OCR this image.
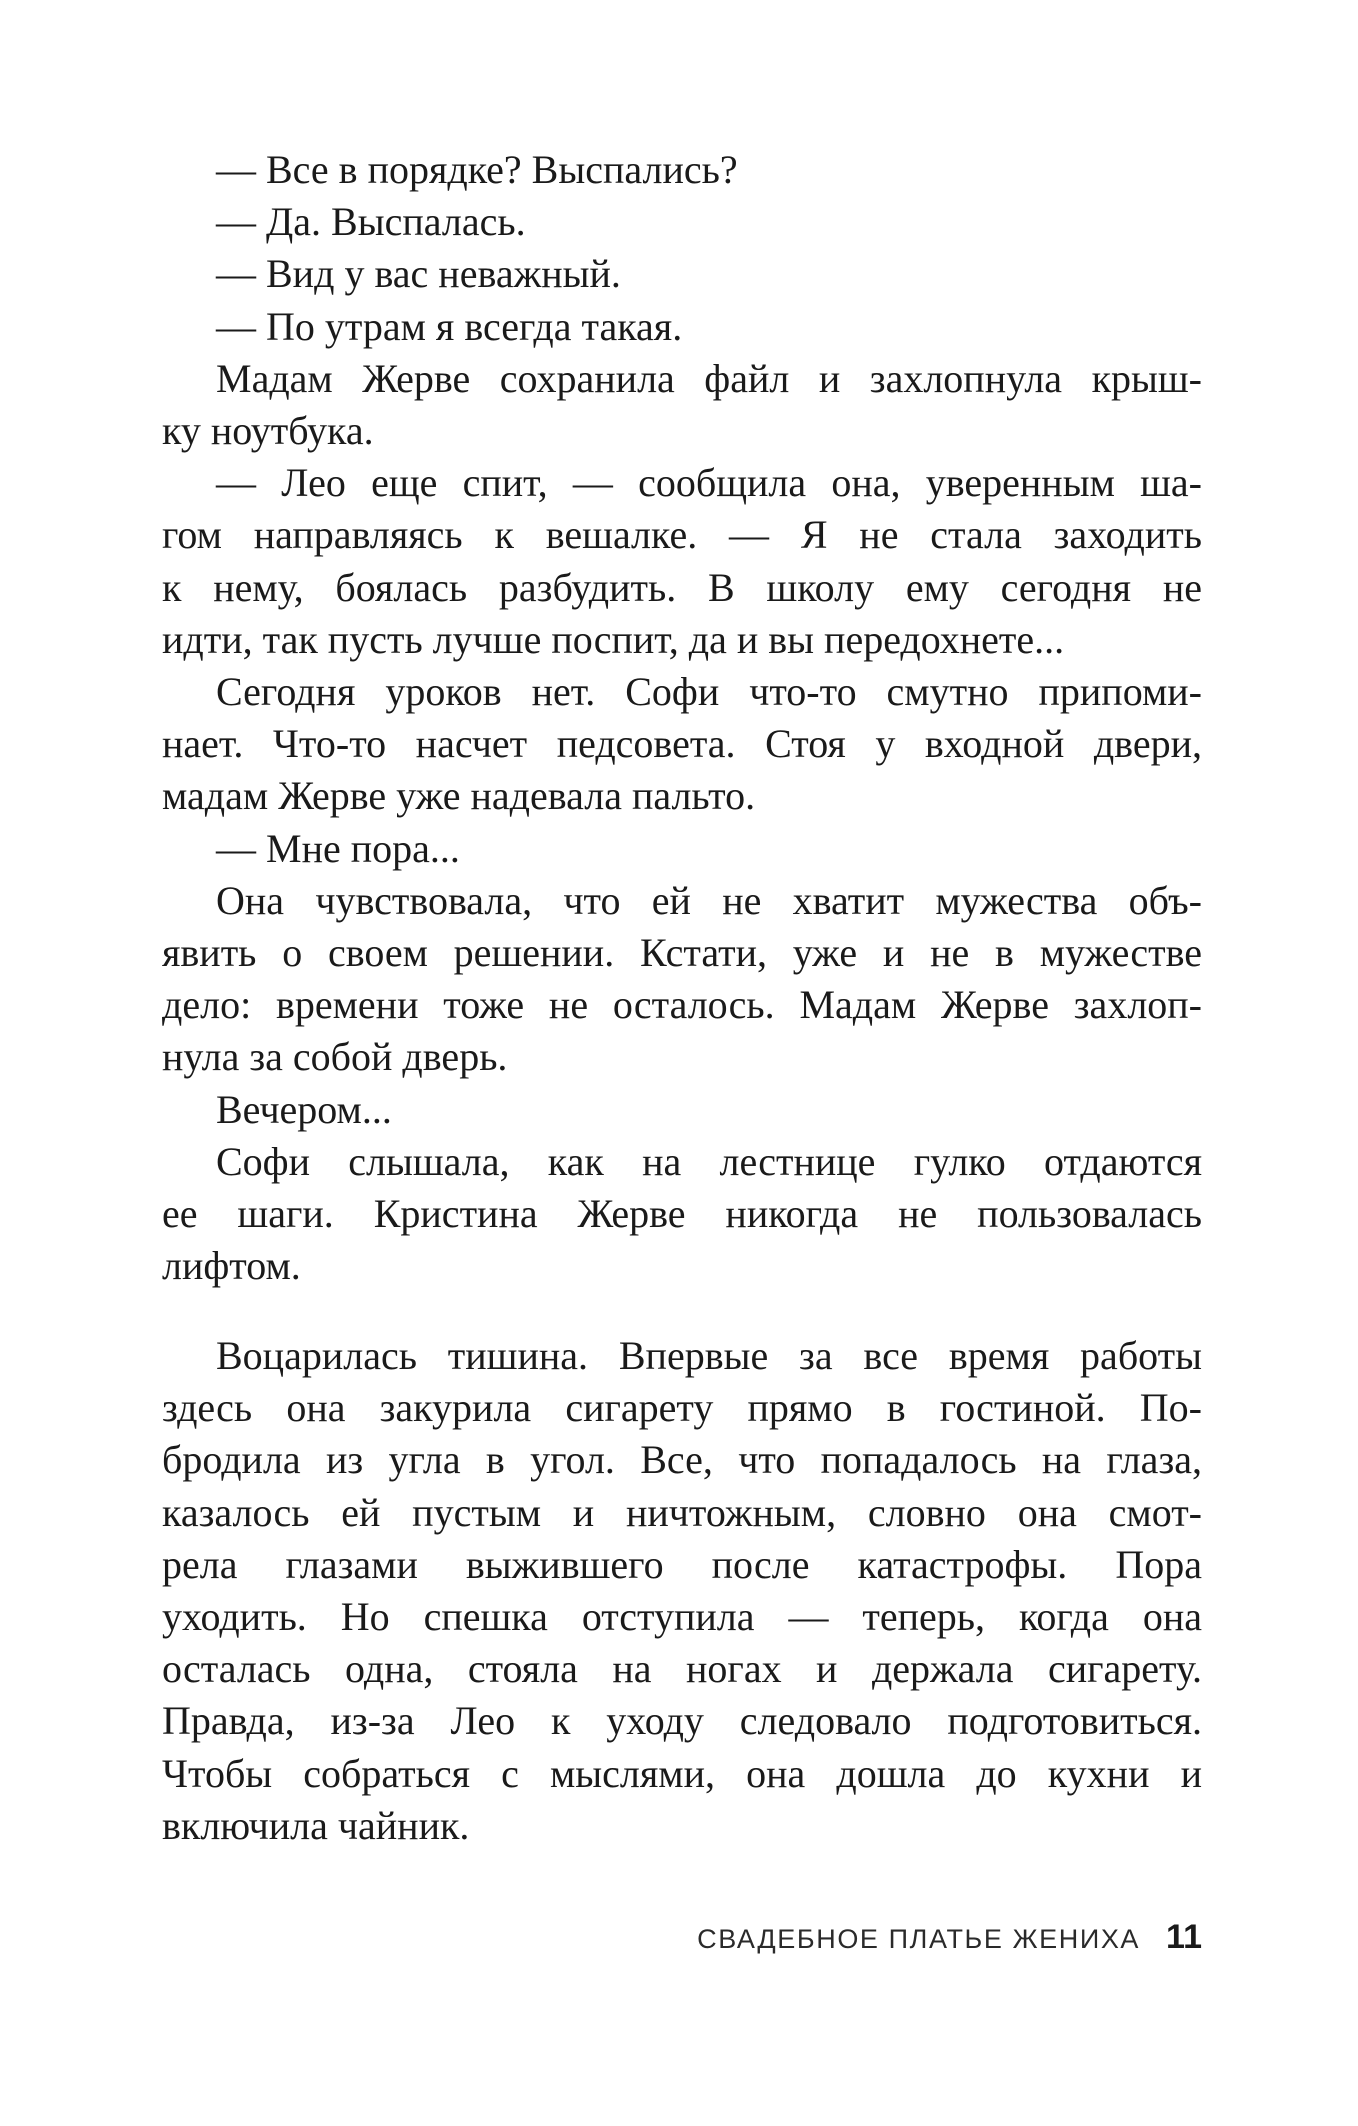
— Все в порядке? Выспались?
— Да. Выспалась.
— Вид у вас неважный.
— По утрам я всегда такая.
Мадам Жерве сохранила файл и захлопнула крыш-
ку ноутбука.
— Лео еще спит, — сообщила она, уверенным ша-
гом направляясь к вешалке. — Я не стала заходить
к нему, боялась разбудить. В школу ему сегодня не
идти, так пусть лучше поспит, да и вы передохнете...
Сегодня уроков нет. Софи что-то смутно припоми-
нает. Что-то насчет педсовета. Стоя у входной двери,
мадам Жерве уже надевала пальто.
— Мне пора...
Она чувствовала, что ей не хватит мужества объ-
явить о своем решении. Кстати, уже и не в мужестве
дело: времени тоже не осталось. Мадам Жерве захлоп-
нула за собой дверь.
Вечером...
Софи слышала, как на лестнице гулко отдаются
ее шаги. Кристина Жерве никогда не пользовалась
лифтом.
Воцарилась тишина. Впервые за все время работы
здесь она закурила сигарету прямо в гостиной. По-
бродила из угла в угол. Все, что попадалось на глаза,
казалось ей пустым и ничтожным, словно она смот-
рела глазами выжившего после катастрофы. Пора
уходить. Но спешка отступила — теперь, когда она
осталась одна, стояла на ногах и держала сигарету.
Правда, из-за Лео к уходу следовало подготовиться.
Чтобы собраться с мыслями, она дошла до кухни и
включила чайник.
СВАДЕБНОЕ ПЛАТЬЕ ЖЕНИХА 11
